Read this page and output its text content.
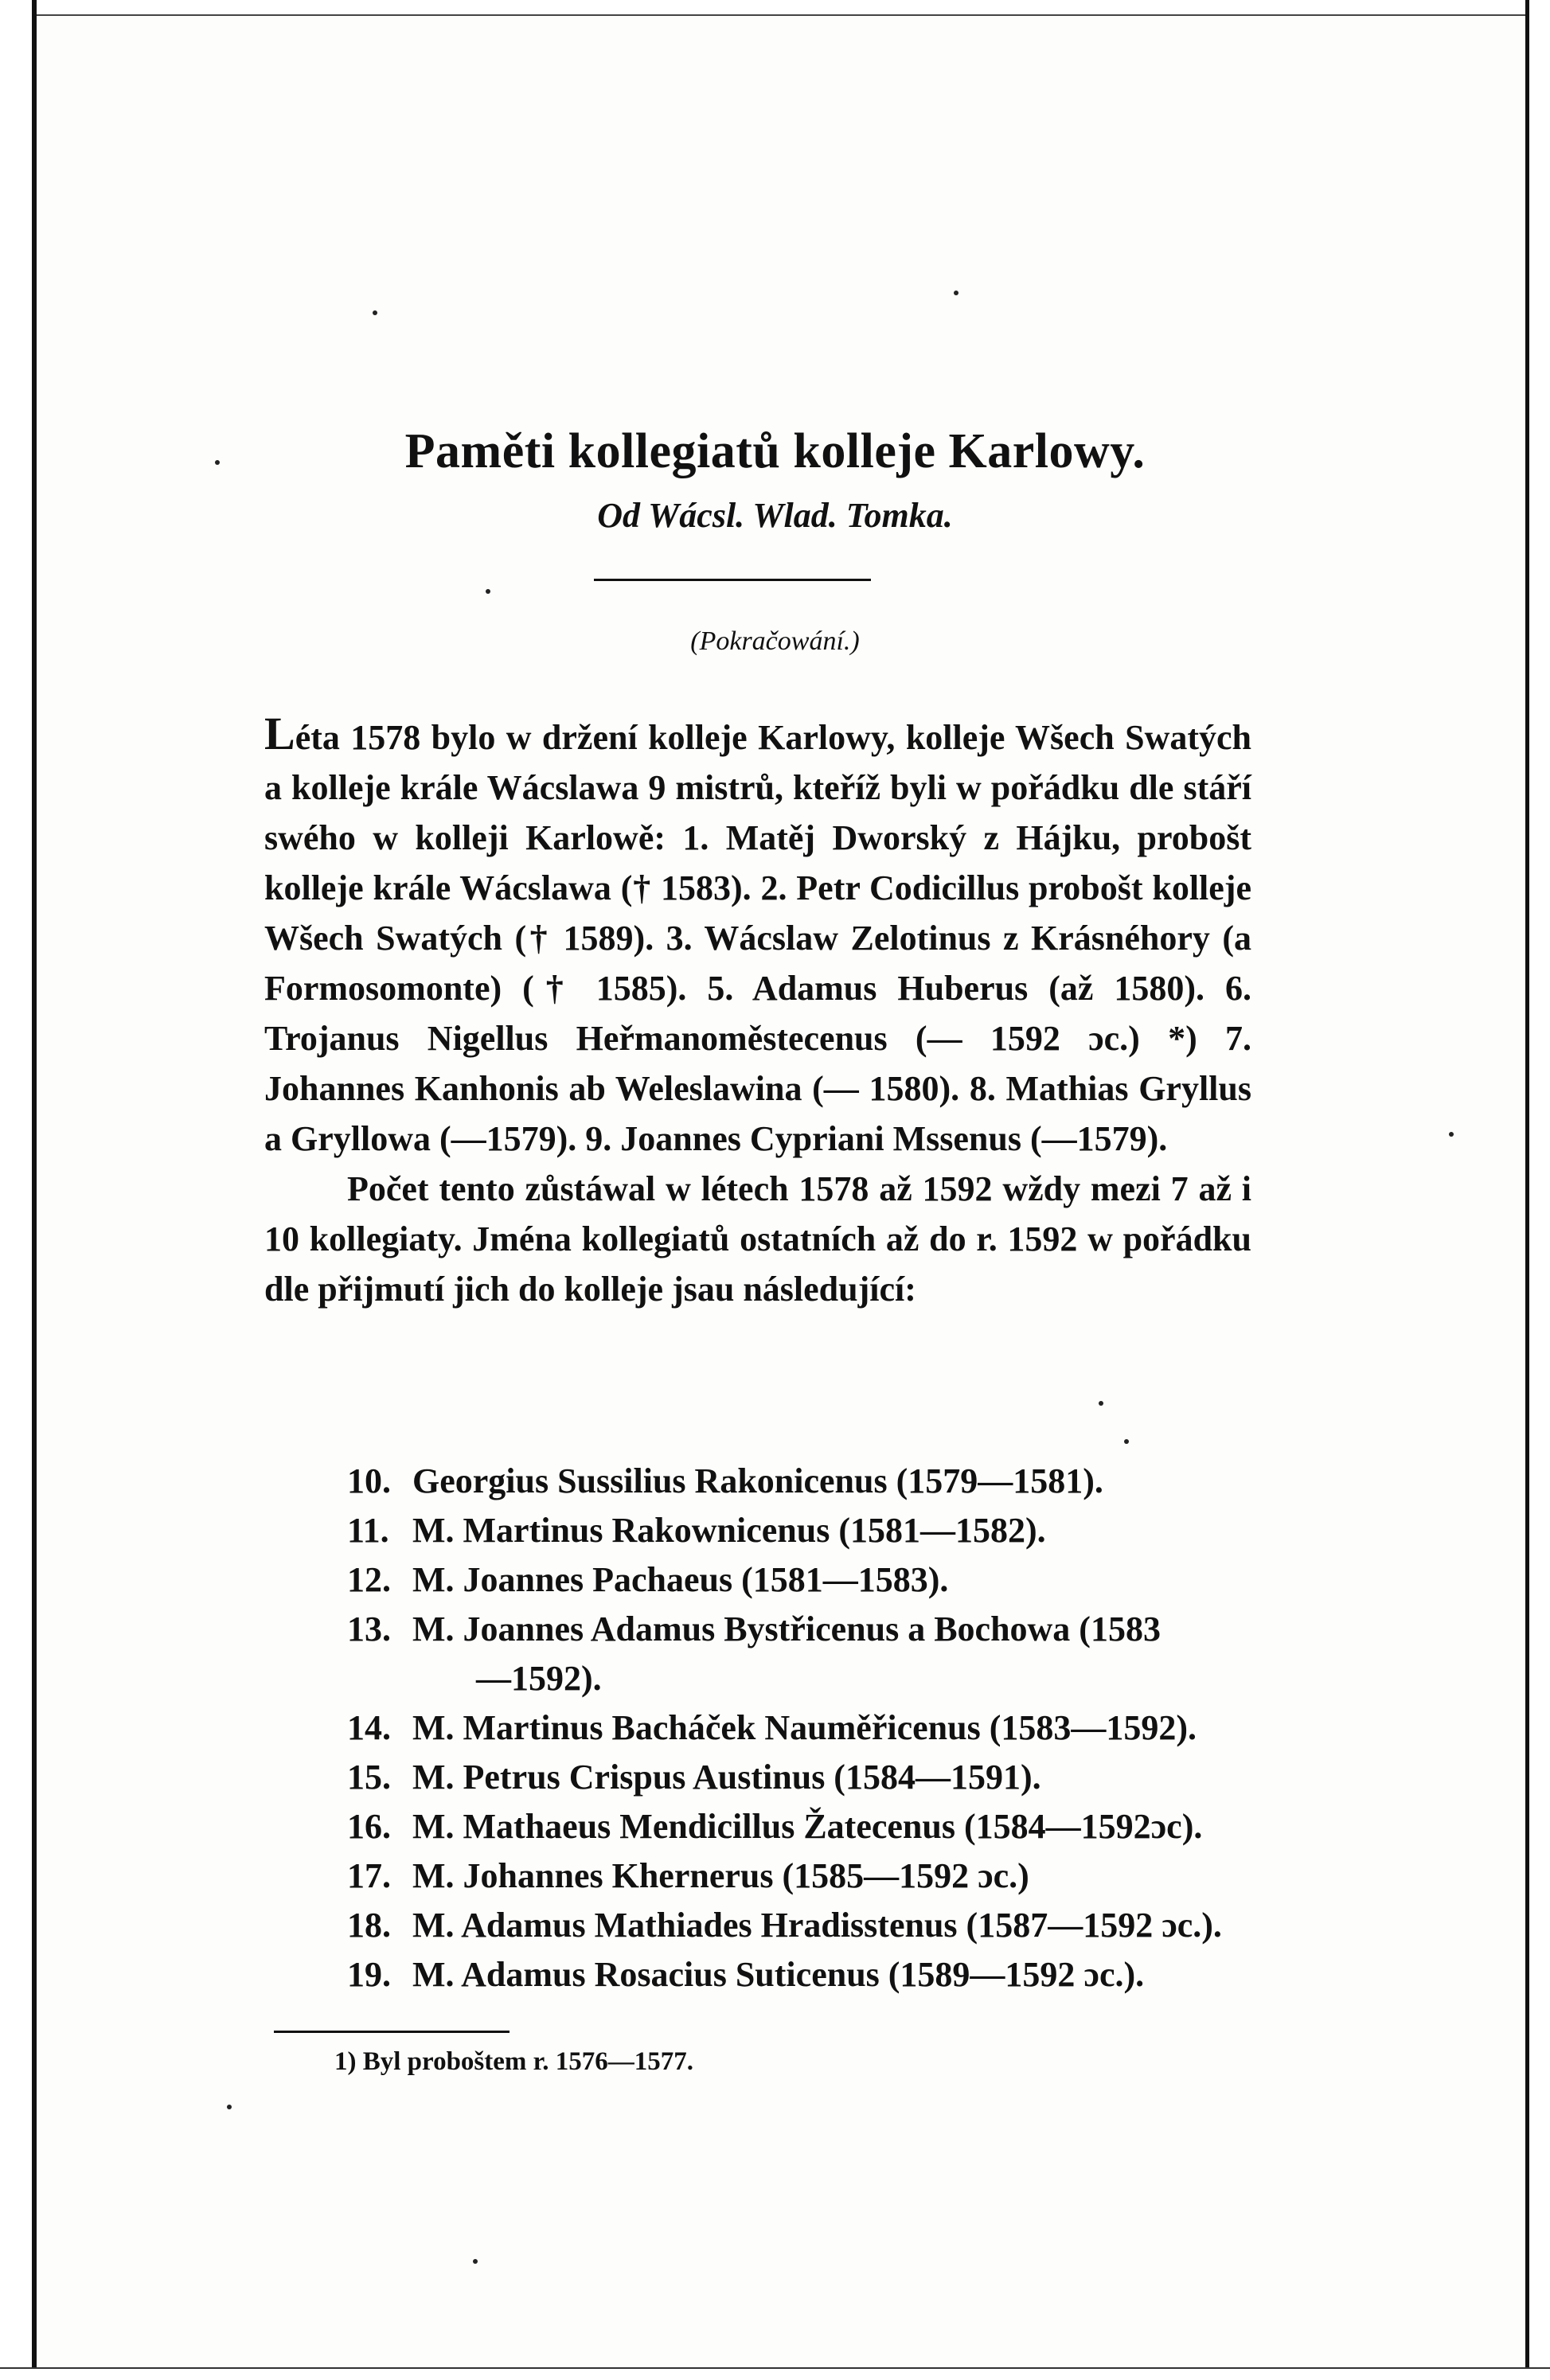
Paměti kollegiatů kolleje Karlowy.
Od Wácsl. Wlad. Tomka.
(Pokračowání.)

Léta 1578 bylo w držení kolleje Karlowy, kolleje Wšech Swatých a kolleje krále Wácslawa 9 mistrů, kteříž byli w pořádku dle stáří swého w kolleji Karlowě: 1. Matěj Dworský z Hájku, probošt kolleje krále Wácslawa († 1583). 2. Petr Codicillus probošt kolleje Wšech Swatých († 1589). 3. Wácslaw Zelotinus z Krásnéhory (a Formosomonte) († 1585). 5. Adamus Huberus (až 1580). 6. Trojanus Nigellus Heřmanoměstecenus (— 1592 ɔc.) *) 7. Johannes Kanhonis ab Weleslawina (— 1580). 8. Mathias Gryllus a Gryllowa (—1579). 9. Joannes Cypriani Mssenus (—1579).

Počet tento zůstáwal w létech 1578 až 1592 wždy mezi 7 až i 10 kollegiaty. Jména kollegiatů ostatních až do r. 1592 w pořádku dle přijmutí jich do kolleje jsau následující:

10. Georgius Sussilius Rakonicenus (1579—1581).
11. M. Martinus Rakownicenus (1581—1582).
12. M. Joannes Pachaeus (1581—1583).
13. M. Joannes Adamus Bystřicenus a Bochowa (1583
—1592).
14. M. Martinus Bacháček Nauměřicenus (1583—1592).
15. M. Petrus Crispus Austinus (1584—1591).
16. M. Mathaeus Mendicillus Žatecenus (1584—1592ɔc).
17. M. Johannes Khernerus (1585—1592 ɔc.)
18. M. Adamus Mathiades Hradisstenus (1587—1592 ɔc.).
19. M. Adamus Rosacius Suticenus (1589—1592 ɔc.).
1) Byl proboštem r. 1576—1577.
